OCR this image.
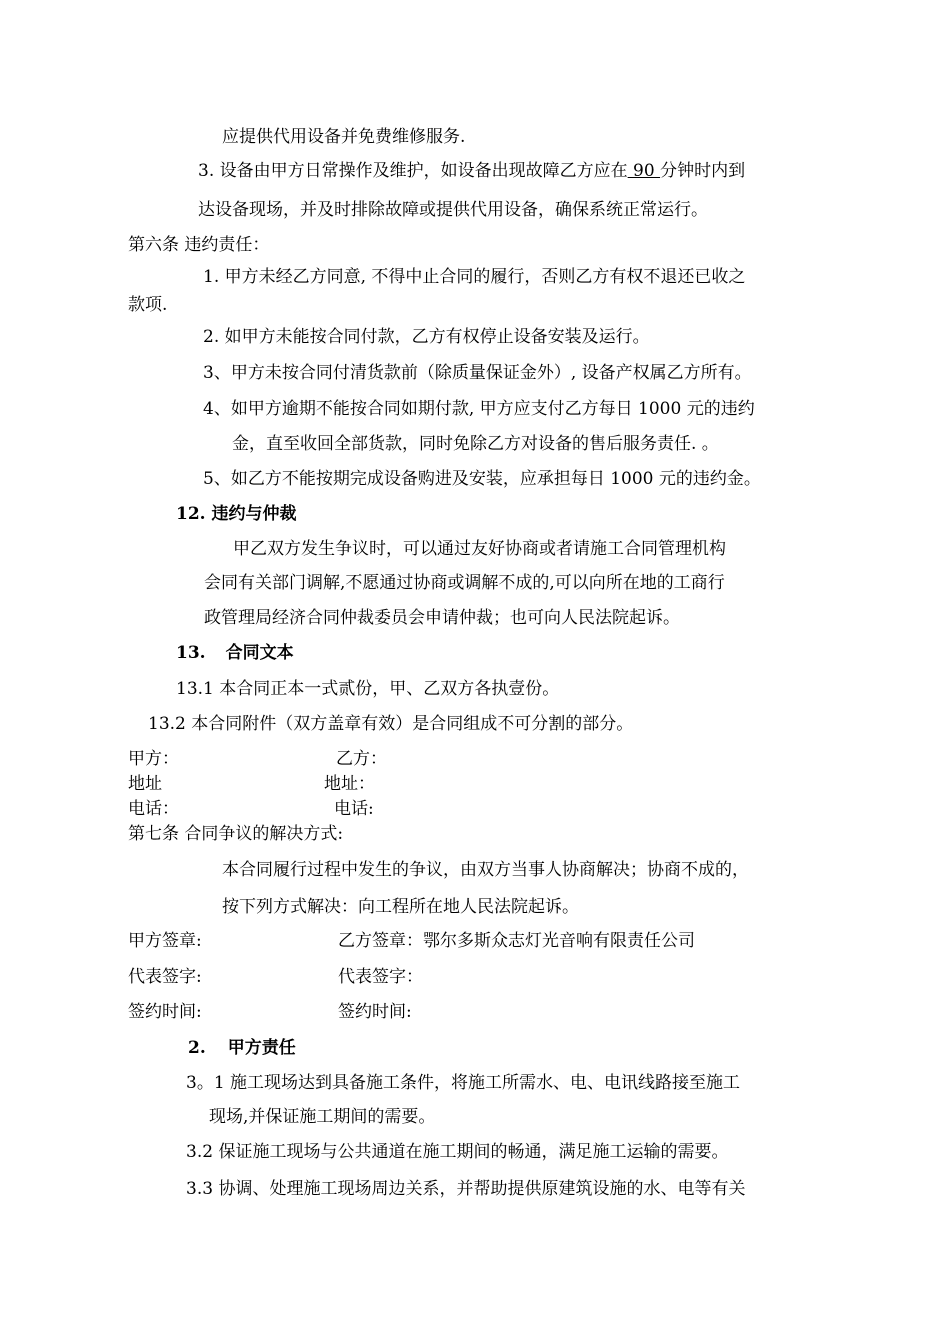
应提供代用设备并免费维修服务.
3. 设备由甲方日常操作及维护，如设备出现故障乙方应在 90 分钟时内到
达设备现场，并及时排除故障或提供代用设备，确保系统正常运行。
第六条 违约责任：
1. 甲方未经乙方同意, 不得中止合同的履行，否则乙方有权不退还已收之
款项.
2. 如甲方未能按合同付款，乙方有权停止设备安装及运行。
3、甲方未按合同付清货款前（除质量保证金外）, 设备产权属乙方所有。
4、如甲方逾期不能按合同如期付款, 甲方应支付乙方每日 1000 元的违约
金，直至收回全部货款，同时免除乙方对设备的售后服务责任. 。
5、如乙方不能按期完成设备购进及安装，应承担每日 1000 元的违约金。
12. 违约与仲裁
甲乙双方发生争议时，可以通过友好协商或者请施工合同管理机构
会同有关部门调解,不愿通过协商或调解不成的,可以向所在地的工商行
政管理局经济合同仲裁委员会申请仲裁；也可向人民法院起诉。
13. 合同文本
13.1 本合同正本一式贰份，甲、乙双方各执壹份。
13.2 本合同附件（双方盖章有效）是合同组成不可分割的部分。
甲方：	乙方：
地址	地址：
电话：	电话:
第七条 合同争议的解决方式:
本合同履行过程中发生的争议，由双方当事人协商解决；协商不成的，
按下列方式解决：向工程所在地人民法院起诉。
甲方签章:	乙方签章：鄂尔多斯众志灯光音响有限责任公司
代表签字:	代表签字：
签约时间:	签约时间:
2. 甲方责任
3。1 施工现场达到具备施工条件，将施工所需水、电、电讯线路接至施工
现场,并保证施工期间的需要。
3.2 保证施工现场与公共通道在施工期间的畅通，满足施工运输的需要。
3.3 协调、处理施工现场周边关系，并帮助提供原建筑设施的水、电等有关
